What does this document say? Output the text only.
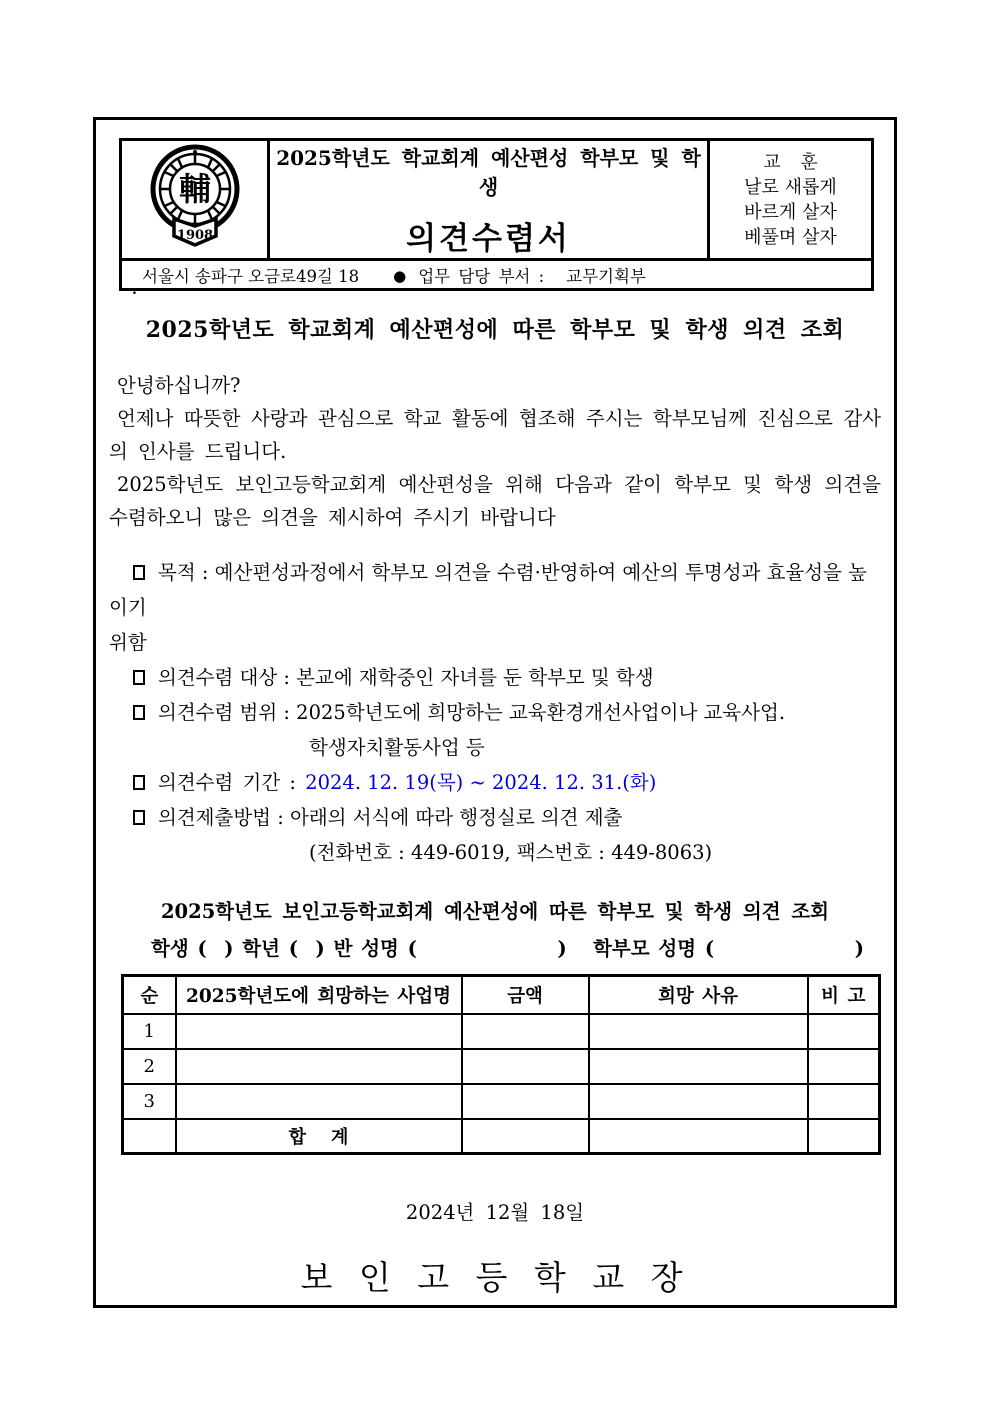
輔
1908

2025학년도 학교회계 예산편성 학부모 및 학생
의견수렴서

교 훈
날로 새롭게
바르게 살자
베풀며 살자

서울시 송파구 오금로49길 18 ● 업무 담당 부서 : 교무기획부
.
2025학년도 학교회계 예산편성에 따른 학부모 및 학생 의견 조회
안녕하십니까?
언제나 따뜻한 사랑과 관심으로 학교 활동에 협조해 주시는 학부모님께 진심으로 감사의 인사를 드립니다.
2025학년도 보인고등학교회계 예산편성을 위해 다음과 같이 학부모 및 학생 의견을 수렴하오니 많은 의견을 제시하여 주시기 바랍니다
목적 : 예산편성과정에서 학부모 의견을 수렴·반영하여 예산의 투명성과 효율성을 높이기
위함
의견수렴 대상 : 본교에 재학중인 자녀를 둔 학부모 및 학생
의견수렴 범위 : 2025학년도에 희망하는 교육환경개선사업이나 교육사업.
학생자치활동사업 등
의견수렴 기간 : 2024. 12. 19(목) ~ 2024. 12. 31.(화)
의견제출방법 : 아래의 서식에 따라 행정실로 의견 제출
(전화번호 : 449-6019, 팩스번호 : 449-8063)
2025학년도 보인고등학교회계 예산편성에 따른 학부모 및 학생 의견 조회
학생 (  ) 학년 (  ) 반 성명 (                )   학부모 성명 (                )
순	2025학년도에 희망하는 사업명	금액	희망 사유	비 고
1				
2				
3				
	합    계			
2024년 12월 18일
보 인 고 등 학 교 장
